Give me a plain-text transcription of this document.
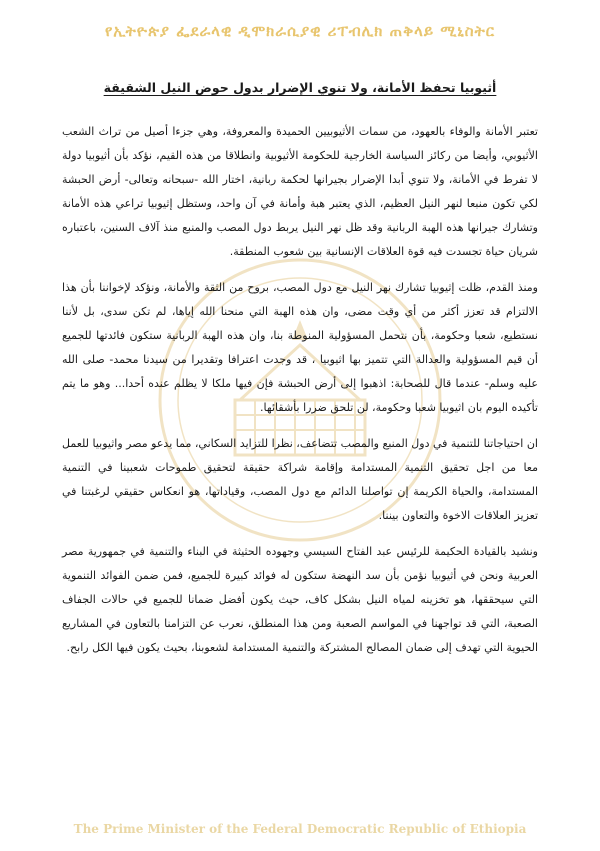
የኢትዮጵያ ፌደራላዊ ዲሞክራሲያዊ ሪፐብሊክ ጠቅላይ ሚኒስትር
أثيوبيا تحفظ الأمانة، ولا تنوي الإضرار بدول حوض النيل الشقيقة

تعتبر الأمانة والوفاء بالعهود، من سمات الأثيوبيين الحميدة والمعروفة، وهي جزءا أصيل من تراث الشعب الأثيوبي، وأيضا من ركائز السياسة الخارجية للحكومة الأثيوبية وانطلاقا من هذه القيم، نؤكد بأن أثيوبيا دولة لا تفرط في الأمانة، ولا تنوي أبدا الإضرار بجيرانها لحكمة ربانية، اختار الله -سبحانه وتعالى- أرض الحبشة لكي تكون منبعا لنهر النيل العظيم، الذي يعتبر هبة وأمانة في آن واحد، وستظل إثيوبيا تراعي هذه الأمانة وتشارك جيرانها هذه الهبة الربانية وقد ظل نهر النيل يربط دول المصب والمنبع منذ آلاف السنين، باعتباره شريان حياة تجسدت فيه قوة العلاقات الإنسانية بين شعوب المنطقة.

ومنذ القدم، ظلت إثيوبيا تشارك نهر النيل مع دول المصب، بروح من الثقة والأمانة، ونؤكد لإخواننا بأن هذا الالتزام قد تعزز أكثر من أي وقت مضى، وان هذه الهبة التي منحنا الله إياها، لم تكن سدى، بل لأننا نستطيع، شعبا وحكومة، بأن نتحمل المسؤولية المنوطة بنا، وان هذه الهبة الربانية ستكون فائدتها للجميع أن قيم المسؤولية والعدالة التي تتميز بها اثيوبيا ، قد وجدت اعترافا وتقديرا من سيدنا محمد- صلى الله عليه وسلم- عندما قال للصحابة: اذهبوا إلى أرض الحبشة فإن فيها ملكا لا يظلم عنده أحدا... وهو ما يتم تأكيده اليوم بان اثيوبيا شعبا وحكومة، لن تلحق ضررا بأشقائها.

ان احتياجاتنا للتنمية في دول المنبع والمصب تتضاعف، نظرا للتزايد السكاني، مما يدعو مصر واثيوبيا للعمل معا من اجل تحقيق التنمية المستدامة وإقامة شراكة حقيقة لتحقيق طموحات شعبينا في التنمية المستدامة، والحياة الكريمة إن تواصلنا الدائم مع دول المصب، وقياداتها، هو انعكاس حقيقي لرغبتنا في تعزيز العلاقات الاخوة والتعاون بيننا.

ونشيد بالقيادة الحكيمة للرئيس عبد الفتاح السيسي وجهوده الحثيثة في البناء والتنمية في جمهورية مصر العربية ونحن في أثيوبيا نؤمن بأن سد النهضة ستكون له فوائد كبيرة للجميع، فمن ضمن الفوائد التنموية التي سيحققها، هو تخزينه لمياه النيل بشكل كاف، حيث يكون أفضل ضمانا للجميع في حالات الجفاف الصعبة، التي قد تواجهنا في المواسم الصعبة ومن هذا المنطلق، نعرب عن التزامنا بالتعاون في المشاريع الحيوية التي تهدف إلى ضمان المصالح المشتركة والتنمية المستدامة لشعوبنا، بحيث يكون فيها الكل رابح.

The Prime Minister of the Federal Democratic Republic of Ethiopia
